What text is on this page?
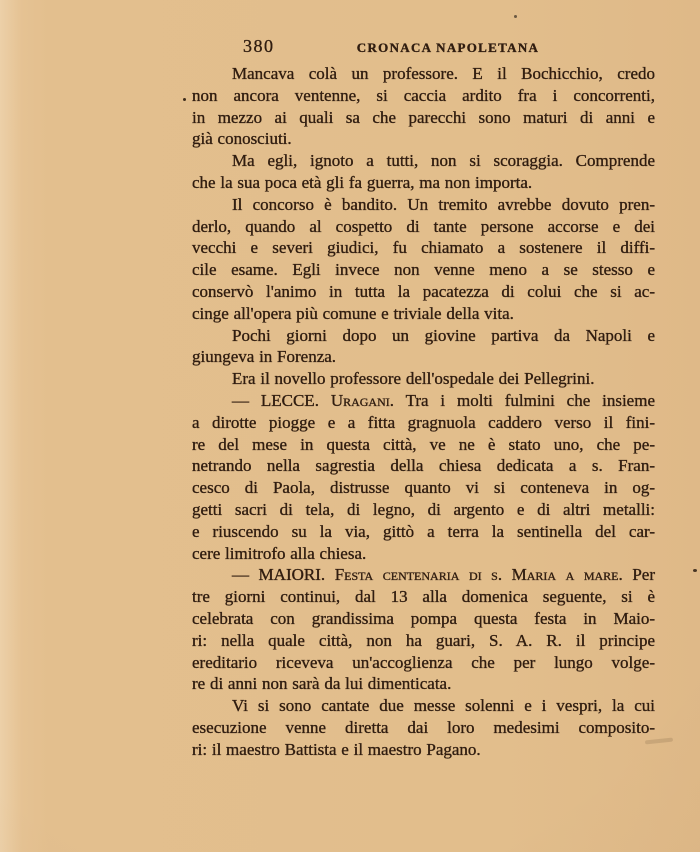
380	CRONACA NAPOLETANA
Mancava colà un professore. E il Bochicchio, credo
non ancora ventenne, si caccia ardito fra i concorrenti,
in mezzo ai quali sa che parecchi sono maturi di anni e
già conosciuti.
Ma egli, ignoto a tutti, non si scoraggia. Comprende
che la sua poca età gli fa guerra, ma non importa.
Il concorso è bandito. Un tremito avrebbe dovuto pren-
derlo, quando al cospetto di tante persone accorse e dei
vecchi e severi giudici, fu chiamato a sostenere il diffi-
cile esame. Egli invece non venne meno a se stesso e
conservò l'animo in tutta la pacatezza di colui che si ac-
cinge all'opera più comune e triviale della vita.
Pochi giorni dopo un giovine partiva da Napoli e
giungeva in Forenza.
Era il novello professore dell'ospedale dei Pellegrini.
— LECCE. Uragani. Tra i molti fulmini che insieme
a dirotte piogge e a fitta gragnuola caddero verso il fini-
re del mese in questa città, ve ne è stato uno, che pe-
netrando nella sagrestia della chiesa dedicata a s. Fran-
cesco di Paola, distrusse quanto vi si conteneva in og-
getti sacri di tela, di legno, di argento e di altri metalli:
e riuscendo su la via, gittò a terra la sentinella del car-
cere limitrofo alla chiesa.
— MAIORI. Festa centenaria di s. Maria a mare. Per
tre giorni continui, dal 13 alla domenica seguente, si è
celebrata con grandissima pompa questa festa in Maio-
ri: nella quale città, non ha guari, S. A. R. il principe
ereditario riceveva un'accoglienza che per lungo volge-
re di anni non sarà da lui dimenticata.
Vi si sono cantate due messe solenni e i vespri, la cui
esecuzione venne diretta dai loro medesimi composito-
ri: il maestro Battista e il maestro Pagano.
